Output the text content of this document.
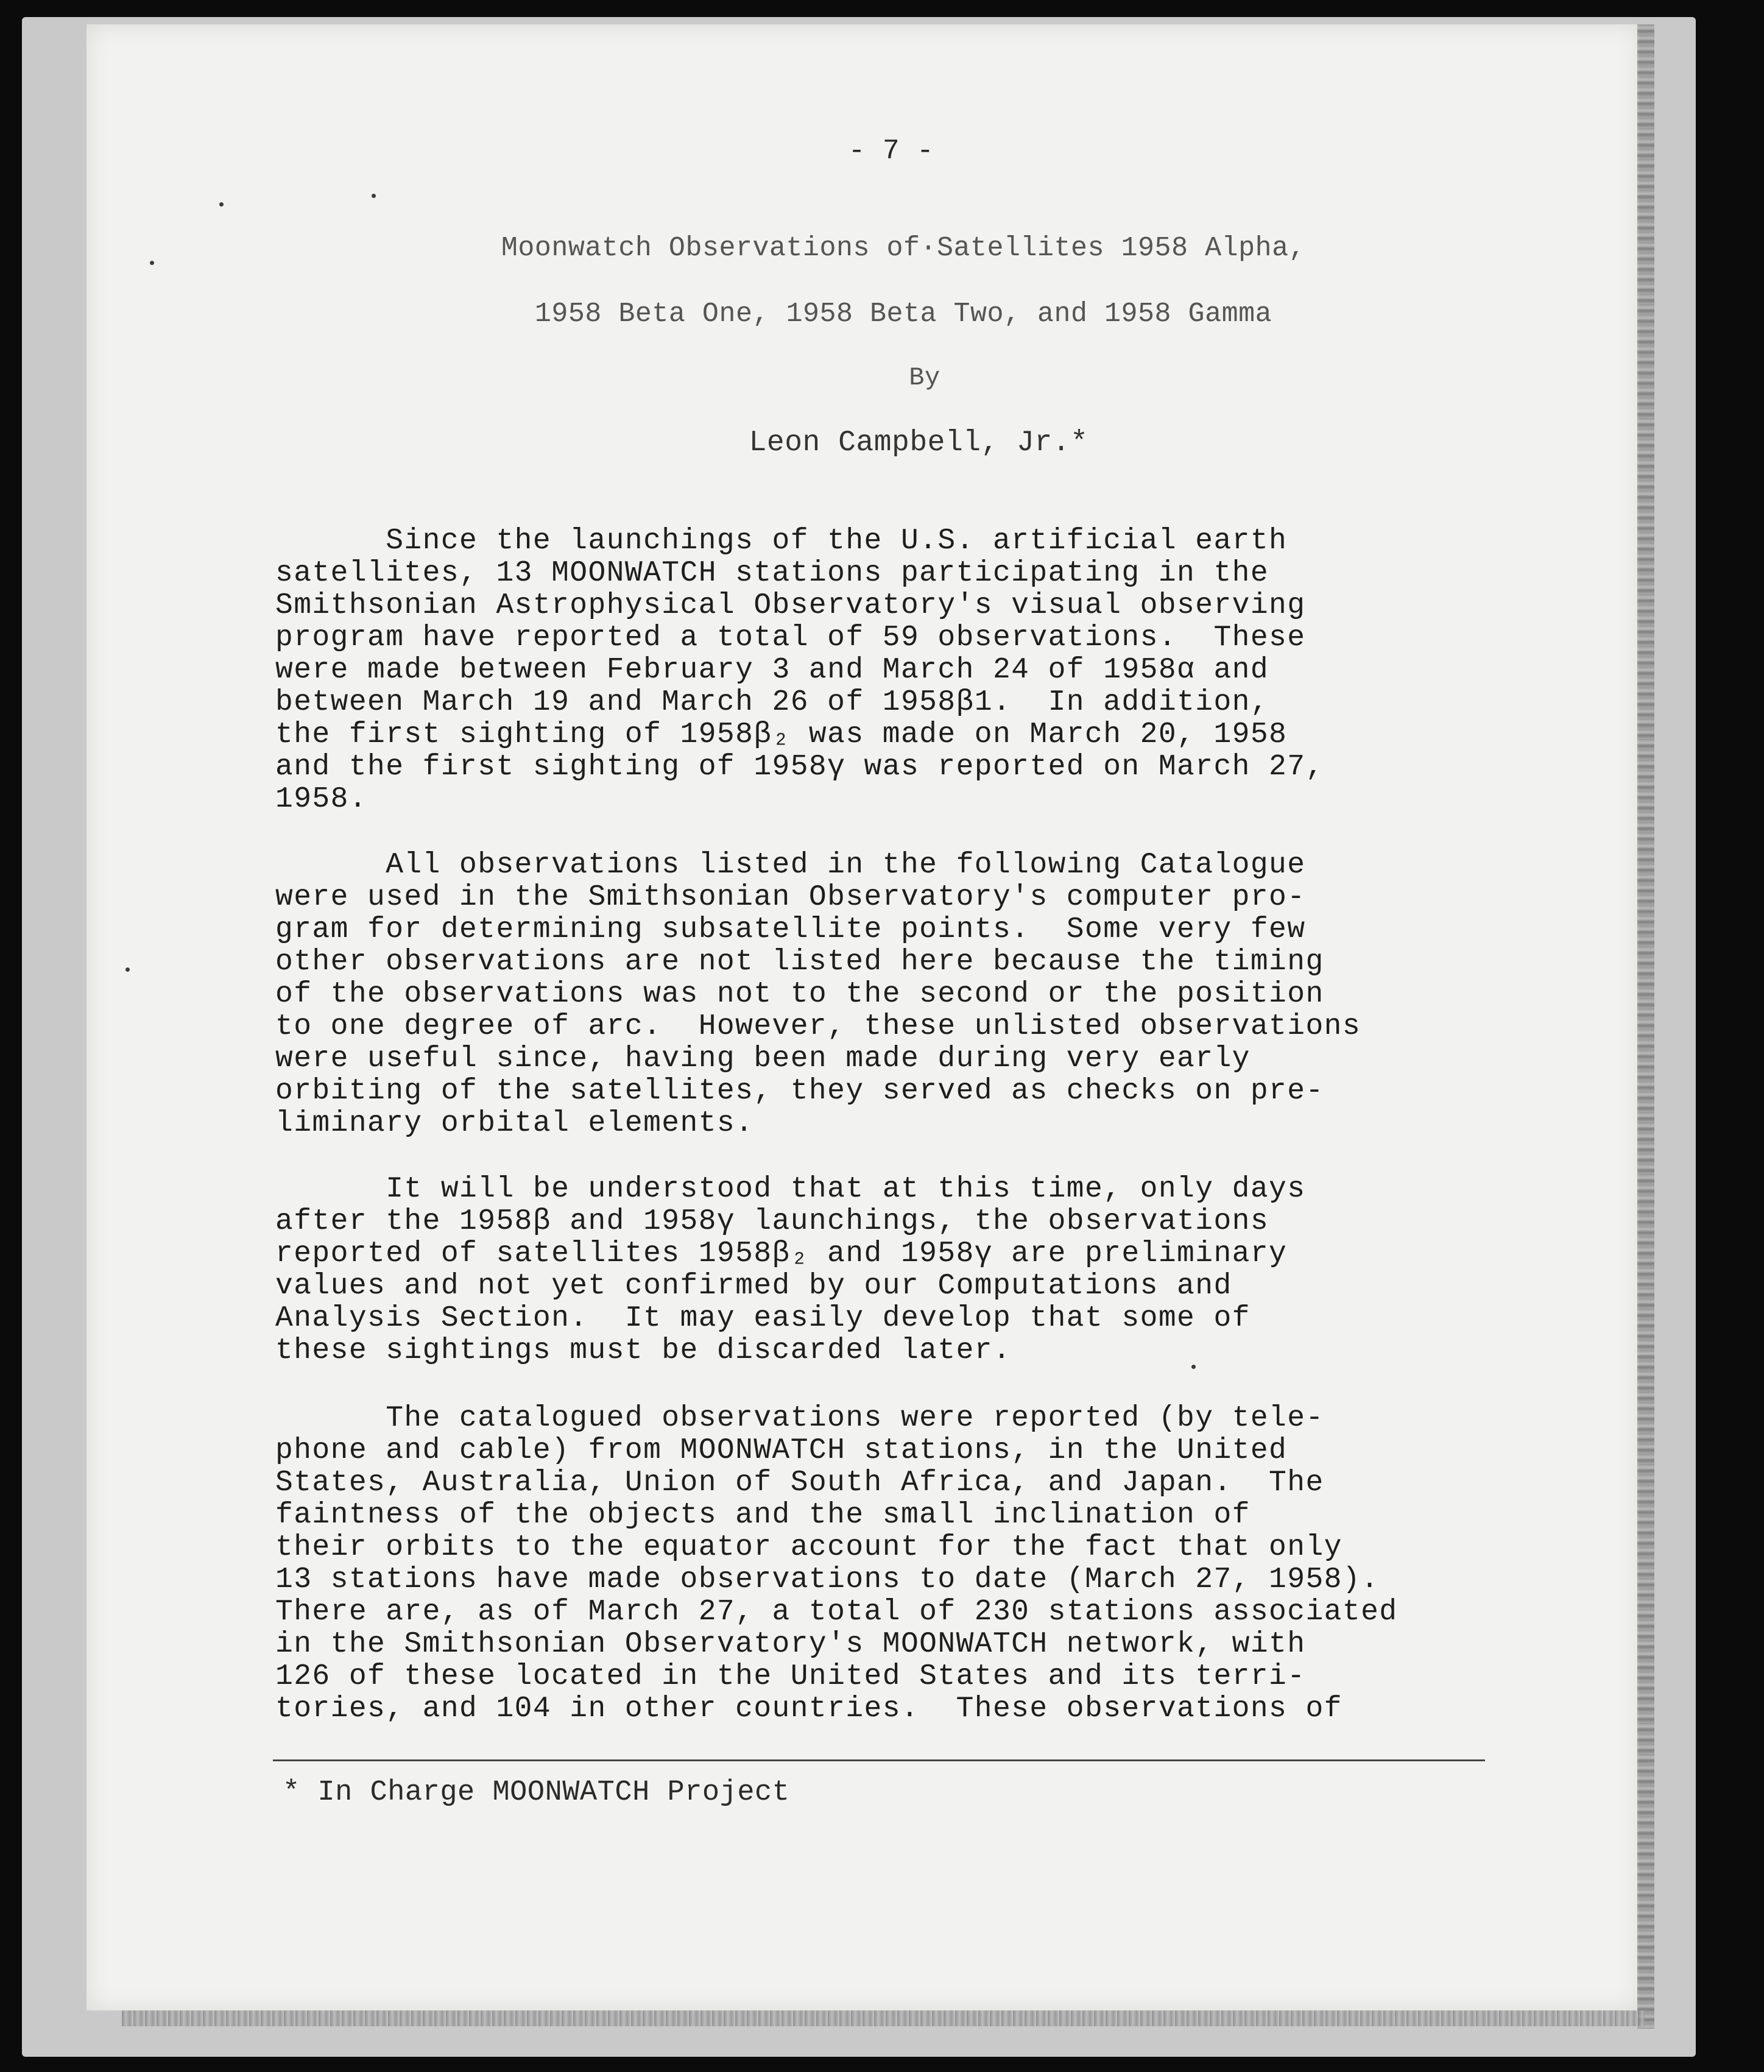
- 7 -
Moonwatch Observations of·Satellites 1958 Alpha,
1958 Beta One, 1958 Beta Two, and 1958 Gamma
By
Leon Campbell, Jr.*

Since the launchings of the U.S. artificial earth
satellites, 13 MOONWATCH stations participating in the
Smithsonian Astrophysical Observatory's visual observing
program have reported a total of 59 observations.  These
were made between February 3 and March 24 of 1958α and
between March 19 and March 26 of 1958β1.  In addition,
the first sighting of 1958β₂ was made on March 20, 1958
and the first sighting of 1958γ was reported on March 27,
1958.

All observations listed in the following Catalogue
were used in the Smithsonian Observatory's computer pro-
gram for determining subsatellite points.  Some very few
other observations are not listed here because the timing
of the observations was not to the second or the position
to one degree of arc.  However, these unlisted observations
were useful since, having been made during very early
orbiting of the satellites, they served as checks on pre-
liminary orbital elements.

It will be understood that at this time, only days
after the 1958β and 1958γ launchings, the observations
reported of satellites 1958β₂ and 1958γ are preliminary
values and not yet confirmed by our Computations and
Analysis Section.  It may easily develop that some of
these sightings must be discarded later.

The catalogued observations were reported (by tele-
phone and cable) from MOONWATCH stations, in the United
States, Australia, Union of South Africa, and Japan.  The
faintness of the objects and the small inclination of
their orbits to the equator account for the fact that only
13 stations have made observations to date (March 27, 1958).
There are, as of March 27, a total of 230 stations associated
in the Smithsonian Observatory's MOONWATCH network, with
126 of these located in the United States and its terri-
tories, and 104 in other countries.  These observations of

* In Charge MOONWATCH Project
